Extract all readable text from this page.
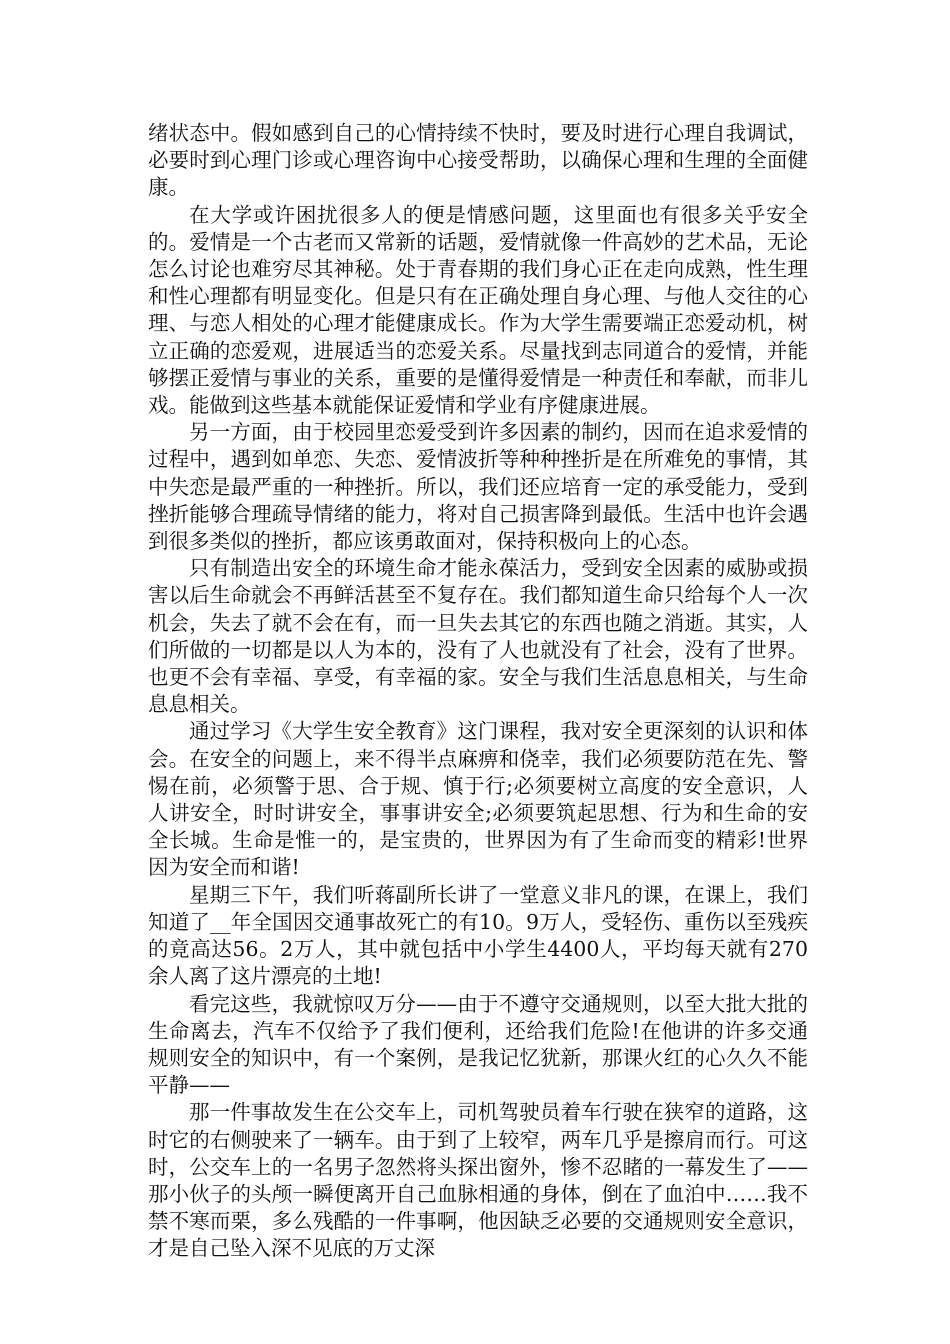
绪状态中。假如感到自己的心情持续不快时，要及时进行心理自我调试，必要时到心理门诊或心理咨询中心接受帮助，以确保心理和生理的全面健康。

在大学或许困扰很多人的便是情感问题，这里面也有很多关乎安全的。爱情是一个古老而又常新的话题，爱情就像一件高妙的艺术品，无论怎么讨论也难穷尽其神秘。处于青春期的我们身心正在走向成熟，性生理和性心理都有明显变化。但是只有在正确处理自身心理、与他人交往的心理、与恋人相处的心理才能健康成长。作为大学生需要端正恋爱动机，树立正确的恋爱观，进展适当的恋爱关系。尽量找到志同道合的爱情，并能够摆正爱情与事业的关系，重要的是懂得爱情是一种责任和奉献，而非儿戏。能做到这些基本就能保证爱情和学业有序健康进展。

另一方面，由于校园里恋爱受到许多因素的制约，因而在追求爱情的过程中，遇到如单恋、失恋、爱情波折等种种挫折是在所难免的事情，其中失恋是最严重的一种挫折。所以，我们还应培育一定的承受能力，受到挫折能够合理疏导情绪的能力，将对自己损害降到最低。生活中也许会遇到很多类似的挫折，都应该勇敢面对，保持积极向上的心态。

只有制造出安全的环境生命才能永葆活力，受到安全因素的威胁或损害以后生命就会不再鲜活甚至不复存在。我们都知道生命只给每个人一次机会，失去了就不会在有，而一旦失去其它的东西也随之消逝。其实，人们所做的一切都是以人为本的，没有了人也就没有了社会，没有了世界。也更不会有幸福、享受，有幸福的家。安全与我们生活息息相关，与生命息息相关。

通过学习《大学生安全教育》这门课程，我对安全更深刻的认识和体会。在安全的问题上，来不得半点麻痹和侥幸，我们必须要防范在先、警惕在前，必须警于思、合于规、慎于行;必须要树立高度的安全意识，人人讲安全，时时讲安全，事事讲安全;必须要筑起思想、行为和生命的安全长城。生命是惟一的，是宝贵的，世界因为有了生命而变的精彩!世界因为安全而和谐!

星期三下午，我们听蒋副所长讲了一堂意义非凡的课，在课上，我们知道了__年全国因交通事故死亡的有10。9万人，受轻伤、重伤以至残疾的竟高达56。2万人，其中就包括中小学生4400人，平均每天就有270余人离了这片漂亮的土地!

看完这些，我就惊叹万分——由于不遵守交通规则，以至大批大批的生命离去，汽车不仅给予了我们便利，还给我们危险!在他讲的许多交通规则安全的知识中，有一个案例，是我记忆犹新，那课火红的心久久不能平静——

那一件事故发生在公交车上，司机驾驶员着车行驶在狭窄的道路，这时它的右侧驶来了一辆车。由于到了上较窄，两车几乎是擦肩而行。可这时，公交车上的一名男子忽然将头探出窗外，惨不忍睹的一幕发生了——那小伙子的头颅一瞬便离开自己血脉相通的身体，倒在了血泊中……我不禁不寒而栗，多么残酷的一件事啊，他因缺乏必要的交通规则安全意识，才是自己坠入深不见底的万丈深
